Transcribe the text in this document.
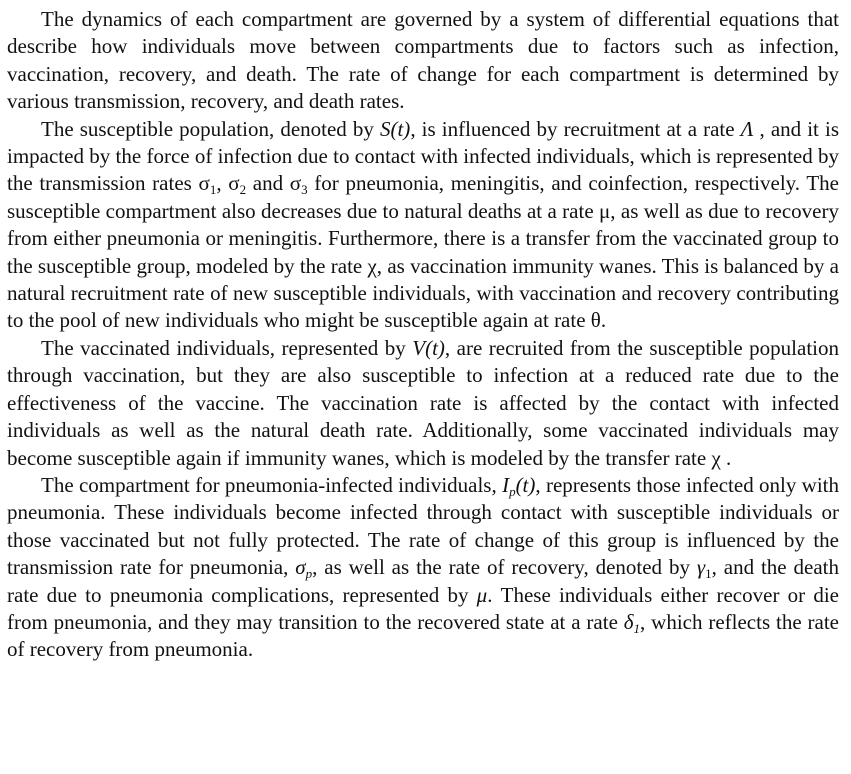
The dynamics of each compartment are governed by a system of differential equations that describe how individuals move between compartments due to factors such as infection, vaccination, recovery, and death. The rate of change for each compartment is determined by various transmission, recovery, and death rates.

The susceptible population, denoted by S(t), is influenced by recruitment at a rate Λ , and it is impacted by the force of infection due to contact with infected individuals, which is represented by the transmission rates $\sigma_1$, $\sigma_2$ and $\sigma_3$ for pneumonia, meningitis, and coinfection, respectively. The susceptible compartment also decreases due to natural deaths at a rate μ, as well as due to recovery from either pneumonia or meningitis. Furthermore, there is a transfer from the vaccinated group to the susceptible group, modeled by the rate χ, as vaccination immunity wanes. This is balanced by a natural recruitment rate of new susceptible individuals, with vaccination and recovery contributing to the pool of new individuals who might be susceptible again at rate θ.

The vaccinated individuals, represented by V(t), are recruited from the susceptible population through vaccination, but they are also susceptible to infection at a reduced rate due to the effectiveness of the vaccine. The vaccination rate is affected by the contact with infected individuals as well as the natural death rate. Additionally, some vaccinated individuals may become susceptible again if immunity wanes, which is modeled by the transfer rate χ .

The compartment for pneumonia-infected individuals, $I_p(t)$, represents those infected only with pneumonia. These individuals become infected through contact with susceptible individuals or those vaccinated but not fully protected. The rate of change of this group is influenced by the transmission rate for pneumonia, $\sigma_p$, as well as the rate of recovery, denoted by $\gamma_1$, and the death rate due to pneumonia complications, represented by μ. These individuals either recover or die from pneumonia, and they may transition to the recovered state at a rate $\delta_1$, which reflects the rate of recovery from pneumonia.
